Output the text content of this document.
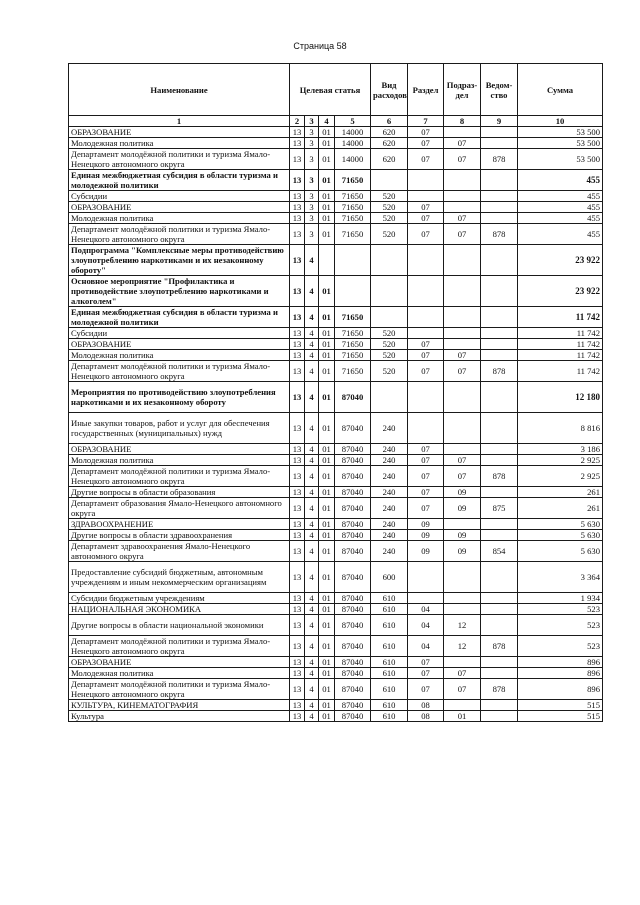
Страница 58
Наименование	Целевая статья				Вид расходов	Раздел	Подраз-дел	Ведом-ство	Сумма
1	2	3	4	5	6	7	8	9	10
ОБРАЗОВАНИЕ	13	3	01	14000	620	07			53 500
Молодежная политика	13	3	01	14000	620	07	07		53 500
Департамент молодёжной политики и туризма Ямало-Ненецкого автономного округа	13	3	01	14000	620	07	07	878	53 500
Единая межбюджетная субсидия в области туризма и молодежной политики	13	3	01	71650					455
Субсидии	13	3	01	71650	520				455
ОБРАЗОВАНИЕ	13	3	01	71650	520	07			455
Молодежная политика	13	3	01	71650	520	07	07		455
Департамент молодёжной политики и туризма Ямало-Ненецкого автономного округа	13	3	01	71650	520	07	07	878	455
Подпрограмма "Комплексные меры противодействию злоупотреблению наркотиками и их незаконному обороту"	13	4							23 922
Основное мероприятие "Профилактика и противодействие злоупотреблению наркотиками и алкоголем"	13	4	01						23 922
Единая межбюджетная субсидия в области туризма и молодежной политики	13	4	01	71650					11 742
Субсидии	13	4	01	71650	520				11 742
ОБРАЗОВАНИЕ	13	4	01	71650	520	07			11 742
Молодежная политика	13	4	01	71650	520	07	07		11 742
Департамент молодёжной политики и туризма Ямало-Ненецкого автономного округа	13	4	01	71650	520	07	07	878	11 742
Мероприятия по противодействию злоупотребления наркотиками и их незаконному обороту	13	4	01	87040					12 180
Иные закупки товаров, работ и услуг для обеспечения государственных (муниципальных) нужд	13	4	01	87040	240				8 816
ОБРАЗОВАНИЕ	13	4	01	87040	240	07			3 186
Молодежная политика	13	4	01	87040	240	07	07		2 925
Департамент молодёжной политики и туризма Ямало-Ненецкого автономного округа	13	4	01	87040	240	07	07	878	2 925
Другие вопросы в области образования	13	4	01	87040	240	07	09		261
Департамент образования Ямало-Ненецкого автономного округа	13	4	01	87040	240	07	09	875	261
ЗДРАВООХРАНЕНИЕ	13	4	01	87040	240	09			5 630
Другие вопросы в области здравоохранения	13	4	01	87040	240	09	09		5 630
Департамент здравоохранения Ямало-Ненецкого автономного округа	13	4	01	87040	240	09	09	854	5 630
Предоставление субсидий бюджетным, автономным учреждениям и иным некоммерческим организациям	13	4	01	87040	600				3 364
Субсидии бюджетным учреждениям	13	4	01	87040	610				1 934
НАЦИОНАЛЬНАЯ ЭКОНОМИКА	13	4	01	87040	610	04			523
Другие вопросы в области национальной экономики	13	4	01	87040	610	04	12		523
Департамент молодёжной политики и туризма Ямало-Ненецкого автономного округа	13	4	01	87040	610	04	12	878	523
ОБРАЗОВАНИЕ	13	4	01	87040	610	07			896
Молодежная политика	13	4	01	87040	610	07	07		896
Департамент молодёжной политики и туризма Ямало-Ненецкого автономного округа	13	4	01	87040	610	07	07	878	896
КУЛЬТУРА, КИНЕМАТОГРАФИЯ	13	4	01	87040	610	08			515
Культура	13	4	01	87040	610	08	01		515
